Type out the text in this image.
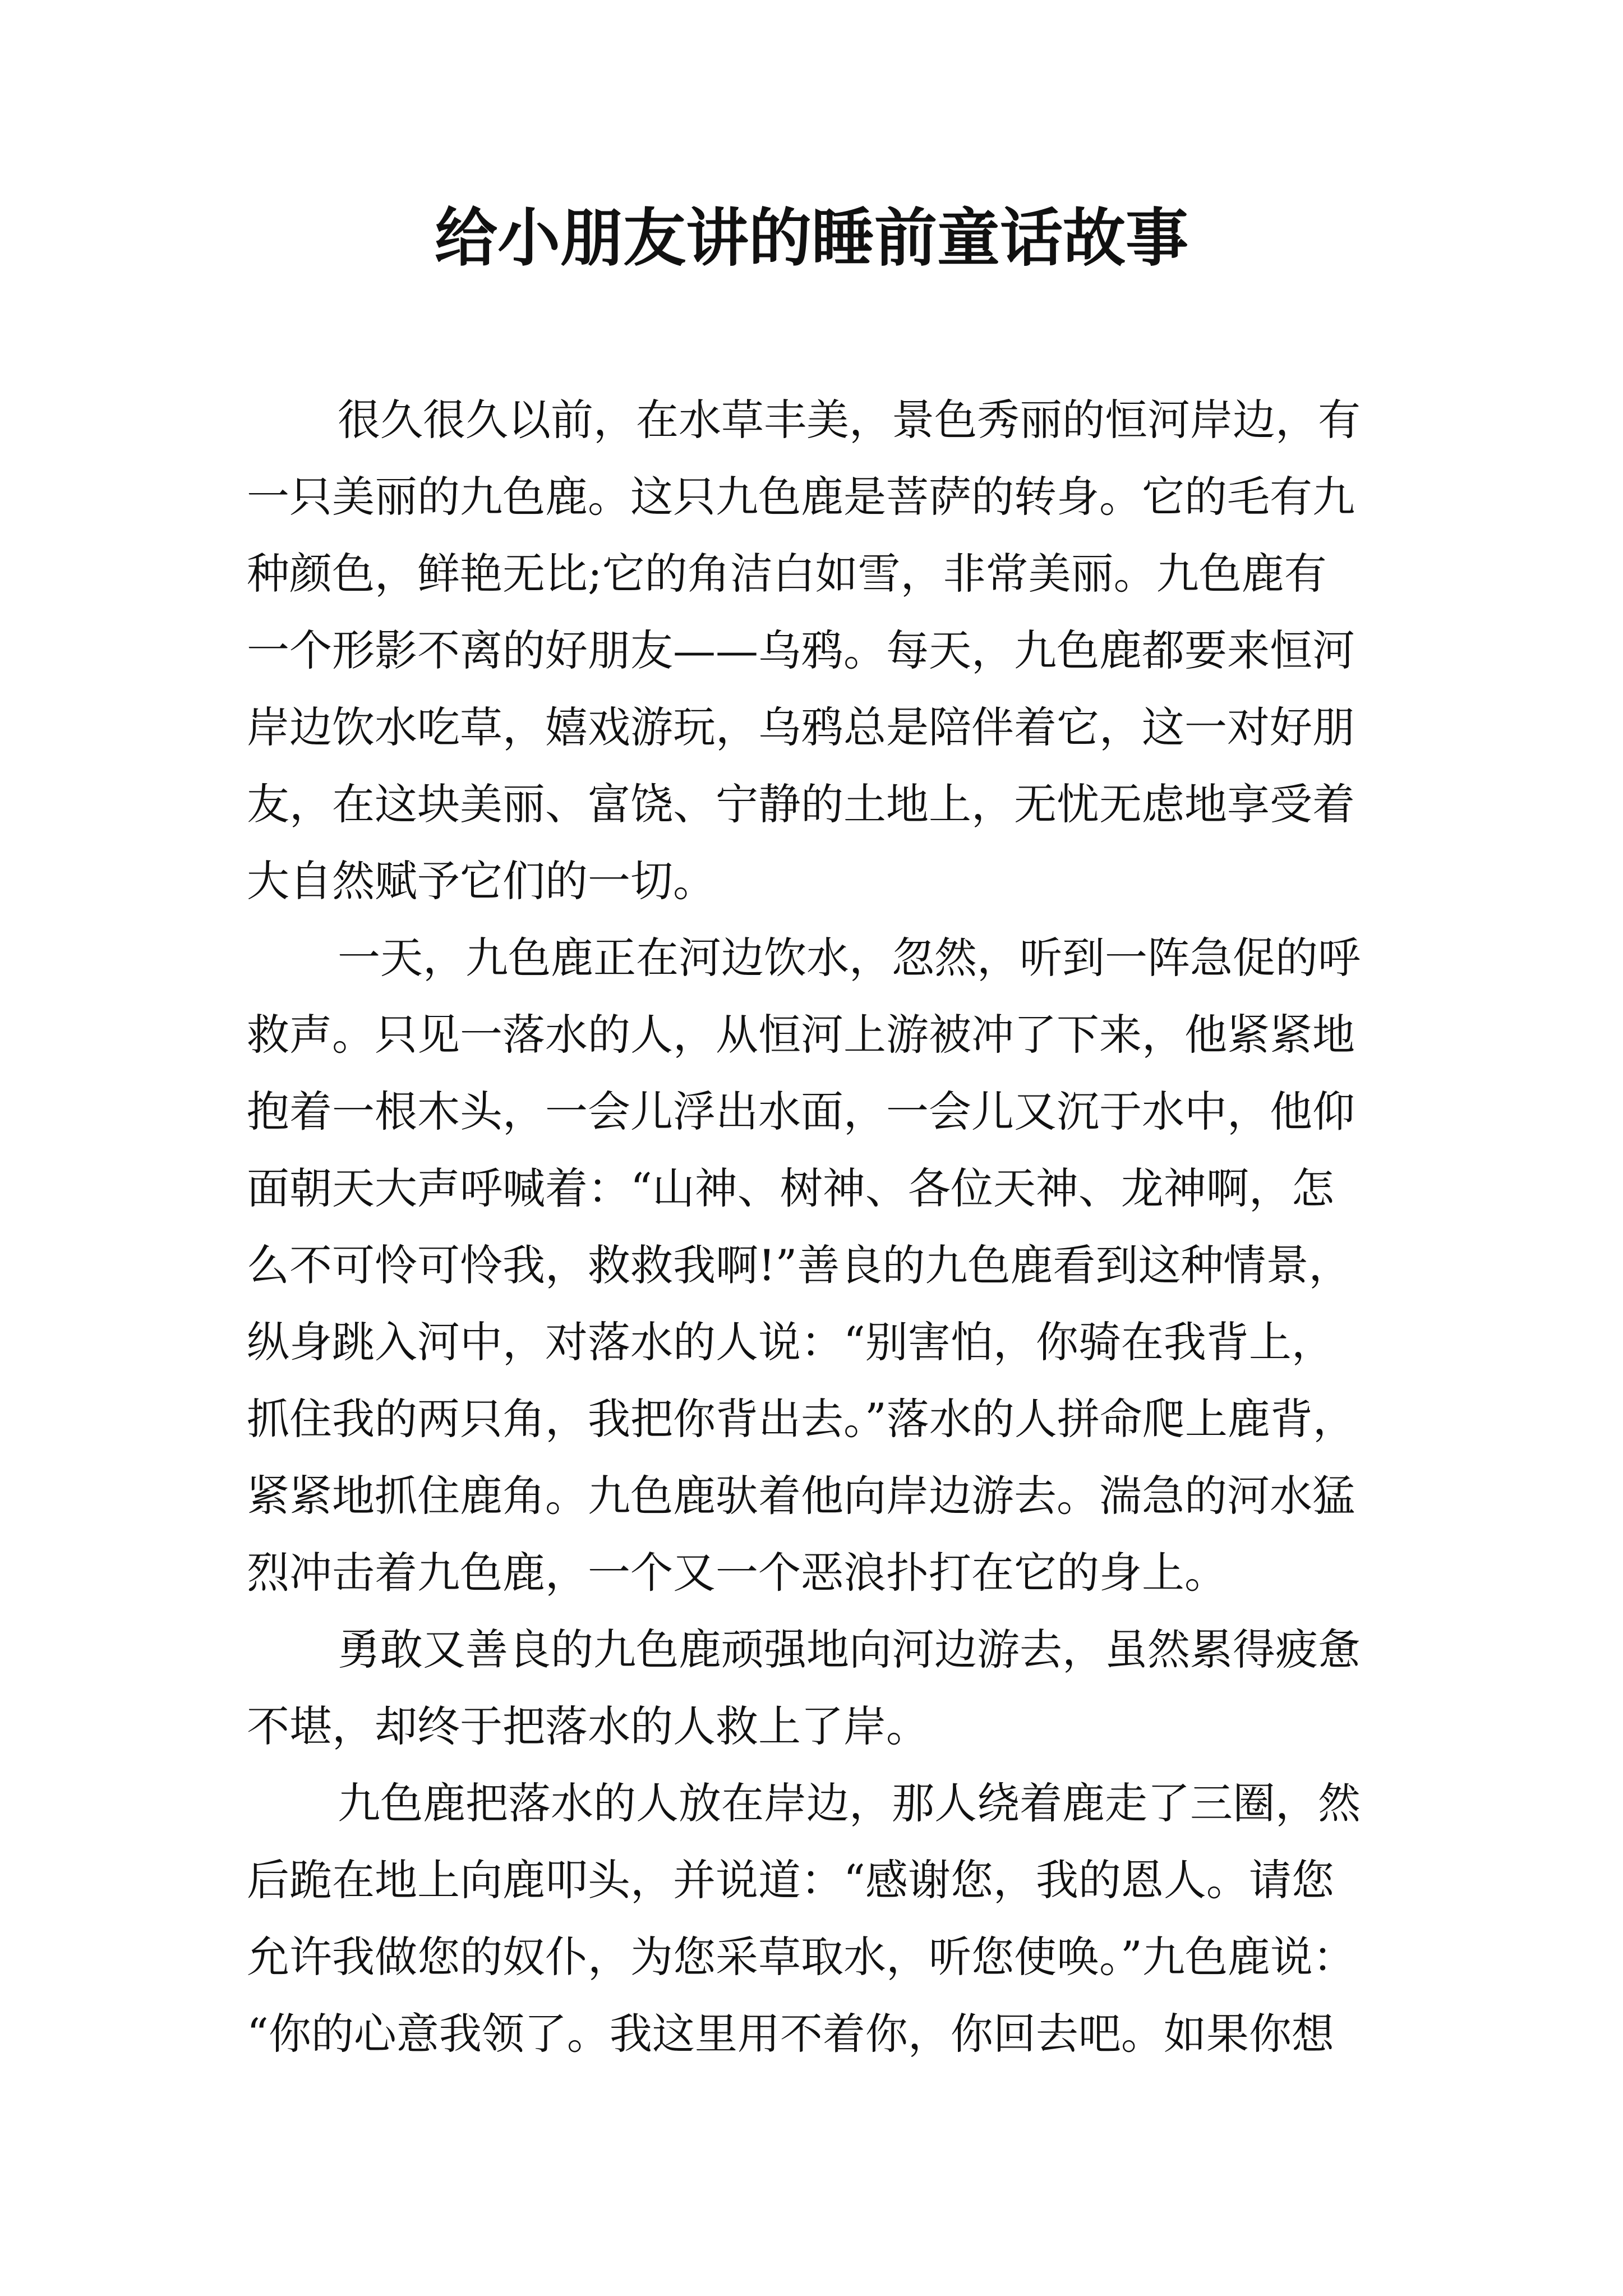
给小朋友讲的睡前童话故事
很久很久以前，在水草丰美，景色秀丽的恒河岸边，有
一只美丽的九色鹿。这只九色鹿是菩萨的转身。它的毛有九
种颜色，鲜艳无比;它的角洁白如雪，非常美丽。九色鹿有
一个形影不离的好朋友——乌鸦。每天，九色鹿都要来恒河
岸边饮水吃草，嬉戏游玩，乌鸦总是陪伴着它，这一对好朋
友，在这块美丽、富饶、宁静的土地上，无忧无虑地享受着
大自然赋予它们的一切。
一天，九色鹿正在河边饮水，忽然，听到一阵急促的呼
救声。只见一落水的人，从恒河上游被冲了下来，他紧紧地
抱着一根木头，一会儿浮出水面，一会儿又沉于水中，他仰
面朝天大声呼喊着：“山神、树神、各位天神、龙神啊，怎
么不可怜可怜我，救救我啊!”善良的九色鹿看到这种情景，
纵身跳入河中，对落水的人说：“别害怕，你骑在我背上，
抓住我的两只角，我把你背出去。”落水的人拼命爬上鹿背，
紧紧地抓住鹿角。九色鹿驮着他向岸边游去。湍急的河水猛
烈冲击着九色鹿，一个又一个恶浪扑打在它的身上。
勇敢又善良的九色鹿顽强地向河边游去，虽然累得疲惫
不堪，却终于把落水的人救上了岸。
九色鹿把落水的人放在岸边，那人绕着鹿走了三圈，然
后跪在地上向鹿叩头，并说道：“感谢您，我的恩人。请您
允许我做您的奴仆，为您采草取水，听您使唤。”九色鹿说：
“你的心意我领了。我这里用不着你，你回去吧。如果你想
